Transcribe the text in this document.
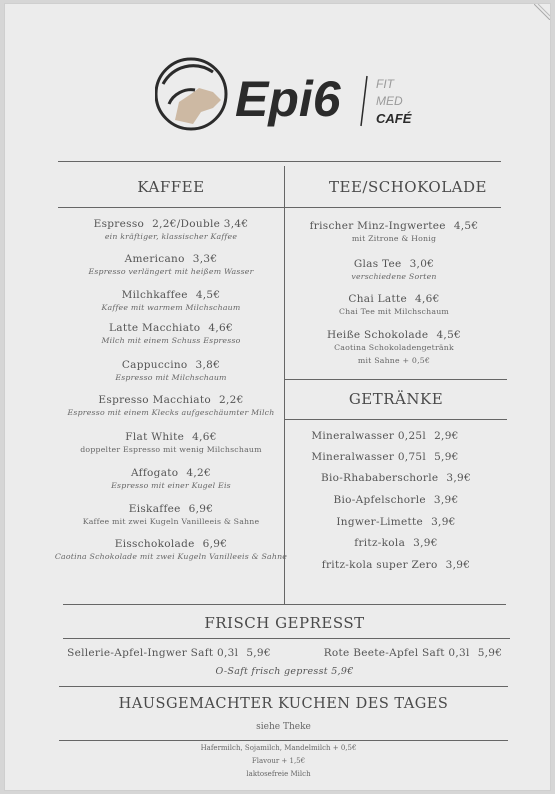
Epi6	FIT
MED
CAFÉ
KAFFEE
Espresso 2,2€/Double 3,4€
ein kräftiger, klassischer Kaffee
Americano 3,3€
Espresso verlängert mit heißem Wasser
Milchkaffee 4,5€
Kaffee mit warmem Milchschaum
Latte Macchiato 4,6€
Milch mit einem Schuss Espresso
Cappuccino 3,8€
Espresso mit Milchschaum
Espresso Macchiato 2,2€
Espresso mit einem Klecks aufgeschäumter Milch
Flat White 4,6€
doppelter Espresso mit wenig Milchschaum
Affogato 4,2€
Espresso mit einer Kugel Eis
Eiskaffee 6,9€
Kaffee mit zwei Kugeln Vanilleeis & Sahne
Eisschokolade 6,9€
Caotina Schokolade mit zwei Kugeln Vanilleeis & Sahne
TEE/SCHOKOLADE
frischer Minz-Ingwertee 4,5€
mit Zitrone & Honig
Glas Tee 3,0€
verschiedene Sorten
Chai Latte 4,6€
Chai Tee mit Milchschaum
Heiße Schokolade 4,5€
Caotina Schokoladengetränk
mit Sahne + 0,5€
GETRÄNKE
Mineralwasser 0,25l 2,9€
Mineralwasser 0,75l 5,9€
Bio-Rhababerschorle 3,9€
Bio-Apfelschorle 3,9€
Ingwer-Limette 3,9€
fritz-kola 3,9€
fritz-kola super Zero 3,9€
FRISCH GEPRESST
Sellerie-Apfel-Ingwer Saft 0,3l 5,9€	Rote Beete-Apfel Saft 0,3l 5,9€
O-Saft frisch gepresst 5,9€
HAUSGEMACHTER KUCHEN DES TAGES
siehe Theke
Hafermilch, Sojamilch, Mandelmilch + 0,5€
Flavour + 1,5€
laktosefreie Milch
